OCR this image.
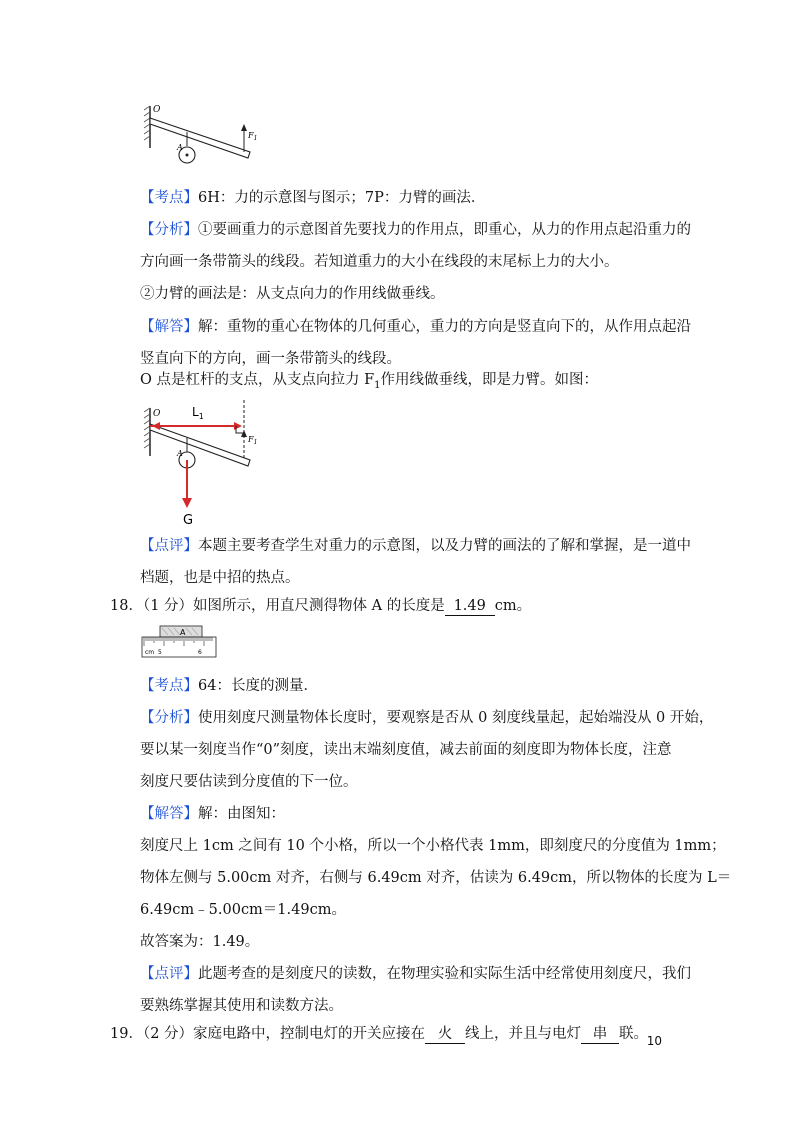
O
A
$F_1$
【考点】6H：力的示意图与图示；7P：力臂的画法．
【分析】①要画重力的示意图首先要找力的作用点，即重心，从力的作用点起沿重力的
方向画一条带箭头的线段。若知道重力的大小在线段的末尾标上力的大小。
②力臂的画法是：从支点向力的作用线做垂线。
【解答】解：重物的重心在物体的几何重心，重力的方向是竖直向下的，从作用点起沿
竖直向下的方向，画一条带箭头的线段。
O 点是杠杆的支点，从支点向拉力 $F_1$作用线做垂线，即是力臂。如图：
O	$L_1$
A
$F_1$
G
【点评】本题主要考查学生对重力的示意图，以及力臂的画法的了解和掌握，是一道中
档题，也是中招的热点。
18．（1 分）如图所示，用直尺测得物体 A 的长度是 1.49 cm。
A
cm 5	6
【考点】64：长度的测量．
【分析】使用刻度尺测量物体长度时，要观察是否从 0 刻度线量起，起始端没从 0 开始，
要以某一刻度当作“0”刻度，读出末端刻度值，减去前面的刻度即为物体长度，注意
刻度尺要估读到分度值的下一位。
【解答】解：由图知：
刻度尺上 1cm 之间有 10 个小格，所以一个小格代表 1mm，即刻度尺的分度值为 1mm；
物体左侧与 5.00cm 对齐，右侧与 6.49cm 对齐，估读为 6.49cm，所以物体的长度为 L＝
6.49cm﹣5.00cm＝1.49cm。
故答案为：1.49。
【点评】此题考查的是刻度尺的读数，在物理实验和实际生活中经常使用刻度尺，我们
要熟练掌握其使用和读数方法。
19．（2 分）家庭电路中，控制电灯的开关应接在 火 线上，并且与电灯 串 联。
10
